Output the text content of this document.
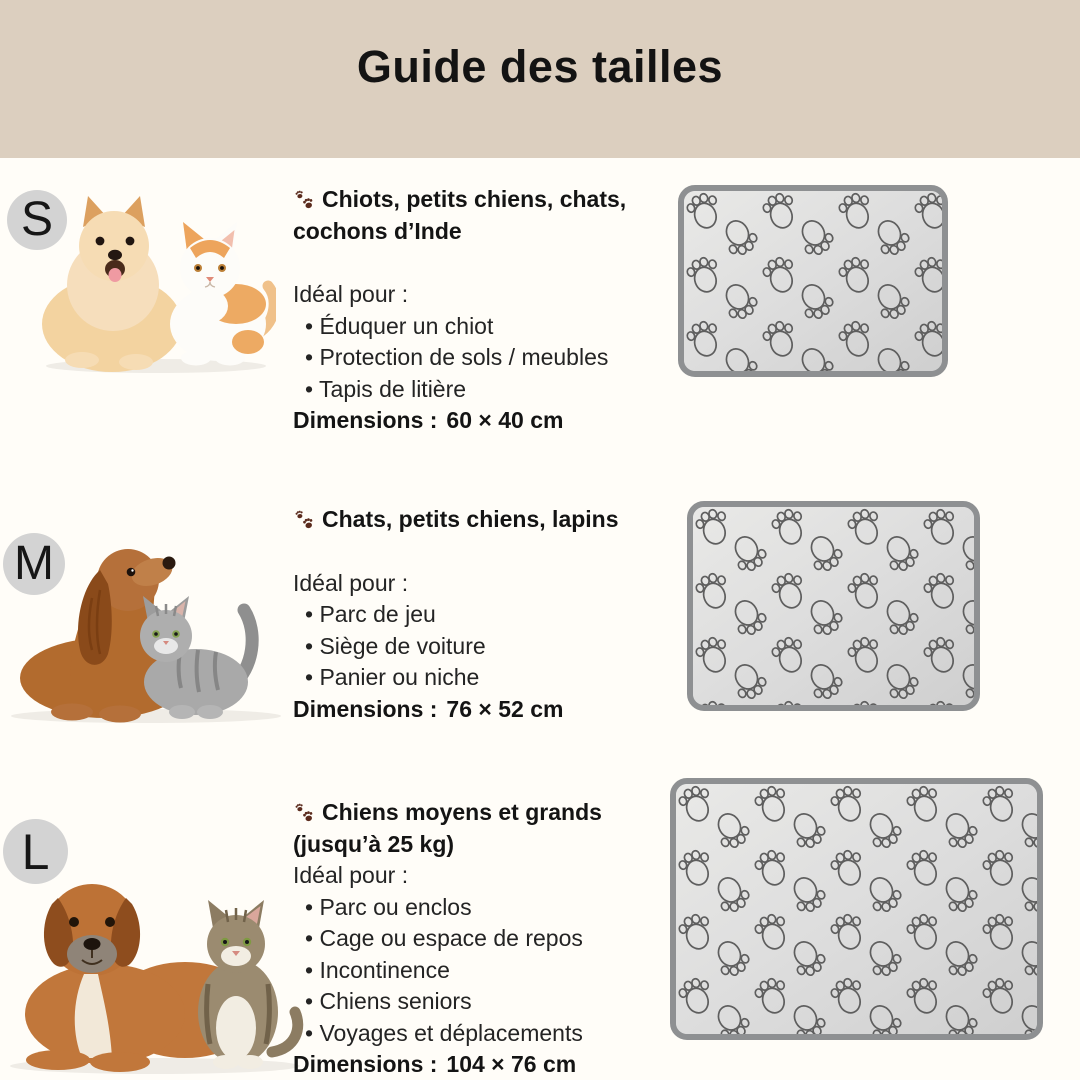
Guide des tailles
S	Chiots, petits chiens, chats,
cochons d’Inde
Idéal pour :
• Éduquer un chiot
• Protection de sols / meubles
• Tapis de litière
Dimensions : 60 × 40 cm
M
Chats, petits chiens, lapins
Idéal pour :
• Parc de jeu
• Siège de voiture
• Panier ou niche
Dimensions : 76 × 52 cm
L
Chiens moyens et grands
(jusqu’à 25 kg)
Idéal pour :
• Parc ou enclos
• Cage ou espace de repos
• Incontinence
• Chiens seniors
• Voyages et déplacements
Dimensions : 104 × 76 cm
